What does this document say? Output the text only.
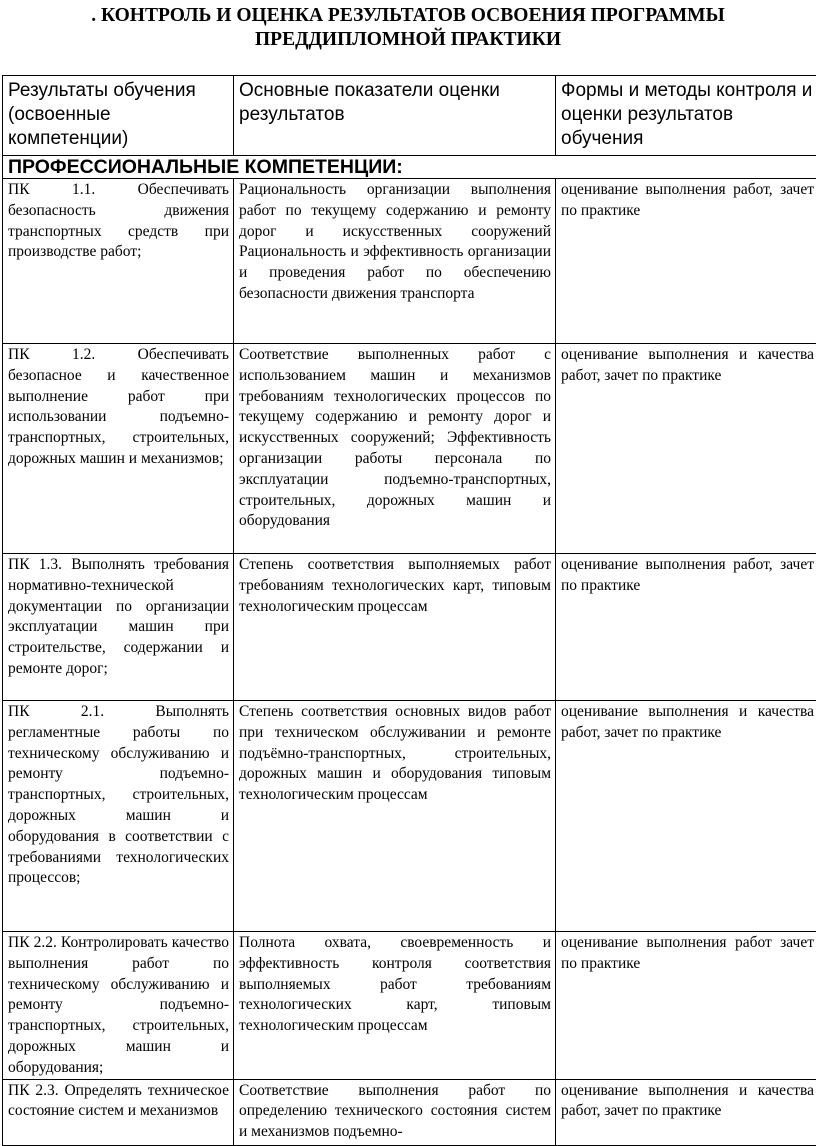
. КОНТРОЛЬ И ОЦЕНКА РЕЗУЛЬТАТОВ ОСВОЕНИЯ ПРОГРАММЫ
ПРЕДДИПЛОМНОЙ ПРАКТИКИ
Результаты обучения (освоенные компетенции)	Основные показатели оценки результатов	Формы и методы контроля и оценки результатов обучения
ПРОФЕССИОНАЛЬНЫЕ КОМПЕТЕНЦИИ:		
ПК 1.1. Обеспечивать безопасность движения транспортных средств при производстве работ;	Рациональность организации выполнения работ по текущему содержанию и ремонту дорог и искусственных сооружений Рациональность и эффективность организации и проведения работ по обеспечению безопасности движения транспорта	оценивание выполнения работ, зачет по практике
ПК 1.2. Обеспечивать безопасное и качественное выполнение работ при использовании подъемно-транспортных, строительных, дорожных машин и механизмов;	Соответствие выполненных работ с использованием машин и механизмов требованиям технологических процессов по текущему содержанию и ремонту дорог и искусственных сооружений; Эффективность организации работы персонала по эксплуатации подъемно-транспортных, строительных, дорожных машин и оборудования	оценивание выполнения и качества работ, зачет по практике
ПК 1.3. Выполнять требования нормативно-технической документации по организации эксплуатации машин при строительстве, содержании и ремонте дорог;	Степень соответствия выполняемых работ требованиям технологических карт, типовым технологическим процессам	оценивание выполнения работ, зачет по практике
ПК 2.1. Выполнять регламентные работы по техническому обслуживанию и ремонту подъемно-транспортных, строительных, дорожных машин и оборудования в соответствии с требованиями технологических процессов;	Степень соответствия основных видов работ при техническом обслуживании и ремонте подъёмно-транспортных, строительных, дорожных машин и оборудования типовым технологическим процессам	оценивание выполнения и качества работ, зачет по практике
ПК 2.2. Контролировать качество выполнения работ по техническому обслуживанию и ремонту подъемно-транспортных, строительных, дорожных машин и оборудования;	Полнота охвата, своевременность и эффективность контроля соответствия выполняемых работ требованиям технологических карт, типовым технологическим процессам	оценивание выполнения работ зачет по практике
ПК 2.3. Определять техническое состояние систем и механизмов	Соответствие выполнения работ по определению технического состояния систем и механизмов подъемно-	оценивание выполнения и качества работ, зачет по практике
